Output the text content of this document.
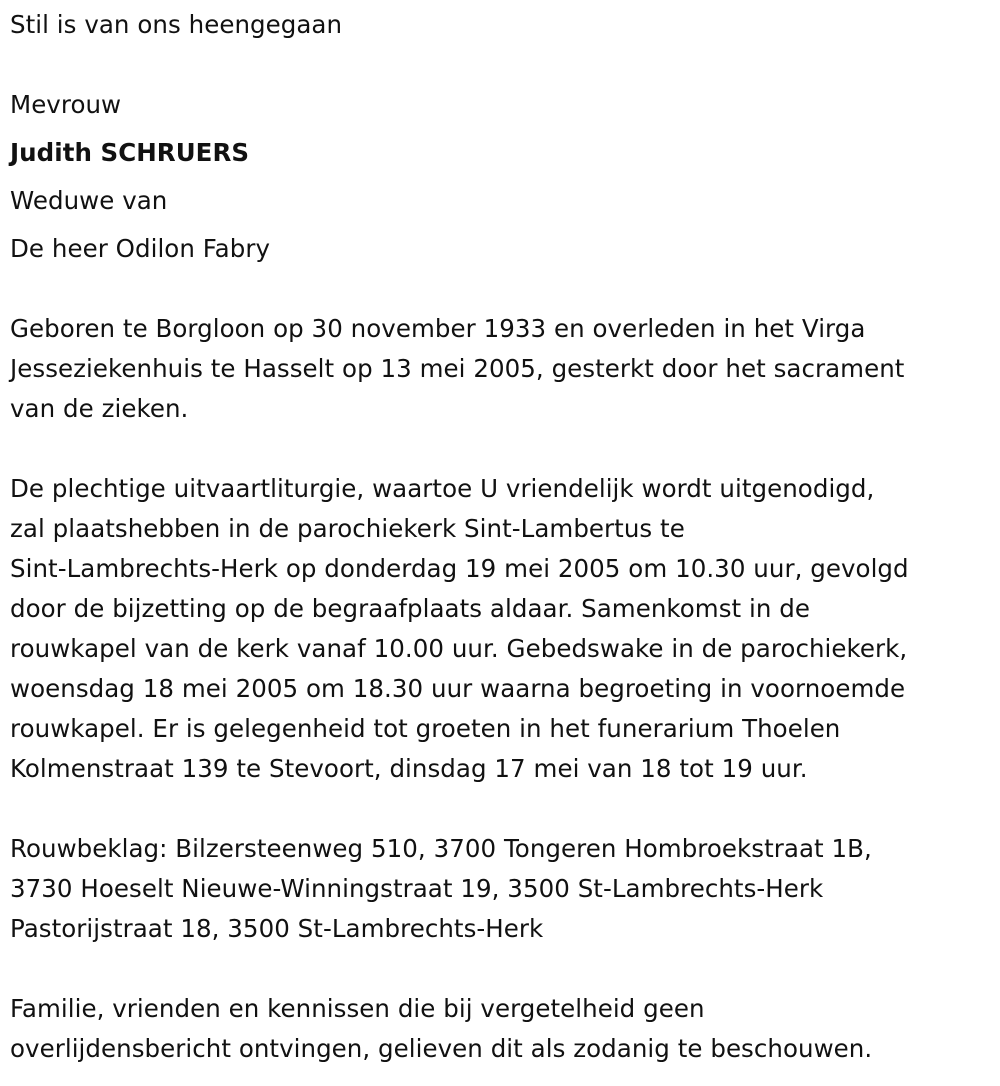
Stil is van ons heengegaan
Mevrouw
Judith SCHRUERS
Weduwe van
De heer Odilon Fabry
Geboren te Borgloon op 30 november 1933 en overleden in het Virga
Jesseziekenhuis te Hasselt op 13 mei 2005, gesterkt door het sacrament
van de zieken.
De plechtige uitvaartliturgie, waartoe U vriendelijk wordt uitgenodigd,
zal plaatshebben in de parochiekerk Sint-Lambertus te
Sint-Lambrechts-Herk op donderdag 19 mei 2005 om 10.30 uur, gevolgd
door de bijzetting op de begraafplaats aldaar. Samenkomst in de
rouwkapel van de kerk vanaf 10.00 uur. Gebedswake in de parochiekerk,
woensdag 18 mei 2005 om 18.30 uur waarna begroeting in voornoemde
rouwkapel. Er is gelegenheid tot groeten in het funerarium Thoelen
Kolmenstraat 139 te Stevoort, dinsdag 17 mei van 18 tot 19 uur.
Rouwbeklag: Bilzersteenweg 510, 3700 Tongeren Hombroekstraat 1B,
3730 Hoeselt Nieuwe-Winningstraat 19, 3500 St-Lambrechts-Herk
Pastorijstraat 18, 3500 St-Lambrechts-Herk
Familie, vrienden en kennissen die bij vergetelheid geen
overlijdensbericht ontvingen, gelieven dit als zodanig te beschouwen.
